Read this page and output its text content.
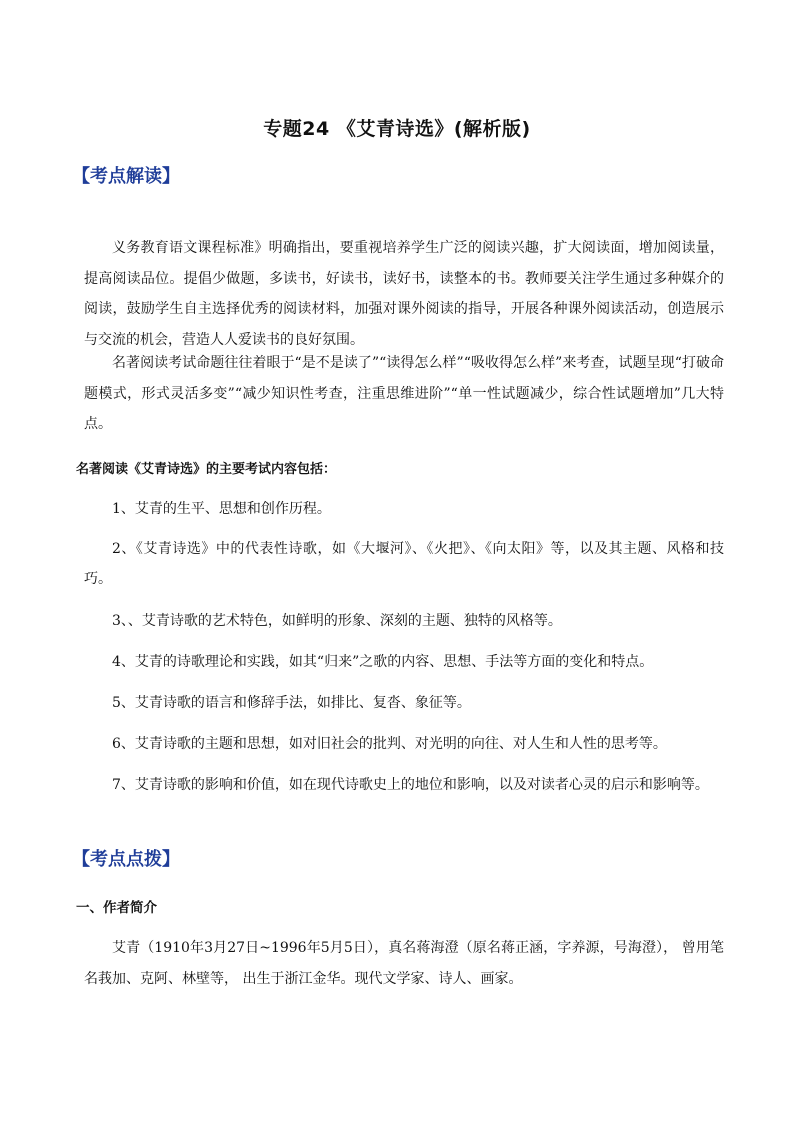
专题24 《艾青诗选》(解析版)
【考点解读】
义务教育语文课程标准》明确指出，要重视培养学生广泛的阅读兴趣，扩大阅读面，增加阅读量，提高阅读品位。提倡少做题，多读书，好读书，读好书，读整本的书。教师要关注学生通过多种媒介的阅读，鼓励学生自主选择优秀的阅读材料，加强对课外阅读的指导，开展各种课外阅读活动，创造展示与交流的机会，营造人人爱读书的良好氛围。
名著阅读考试命题往往着眼于“是不是读了”“读得怎么样”“吸收得怎么样”来考查，试题呈现“打破命题模式，形式灵活多变”“减少知识性考查，注重思维进阶”“单一性试题减少，综合性试题增加”几大特点。
名著阅读《艾青诗选》的主要考试内容包括：
1、艾青的生平、思想和创作历程。
2、《艾青诗选》中的代表性诗歌，如《大堰河》、《火把》、《向太阳》等，以及其主题、风格和技巧。
3、、艾青诗歌的艺术特色，如鲜明的形象、深刻的主题、独特的风格等。
4、艾青的诗歌理论和实践，如其“归来”之歌的内容、思想、手法等方面的变化和特点。
5、艾青诗歌的语言和修辞手法，如排比、复沓、象征等。
6、艾青诗歌的主题和思想，如对旧社会的批判、对光明的向往、对人生和人性的思考等。
7、艾青诗歌的影响和价值，如在现代诗歌史上的地位和影响，以及对读者心灵的启示和影响等。
【考点点拨】
一、作者简介
艾青（1910年3月27日~1996年5月5日），真名蒋海澄（原名蒋正涵，字养源，号海澄）， 曾用笔名莪加、克阿、林壁等， 出生于浙江金华。现代文学家、诗人、画家。
